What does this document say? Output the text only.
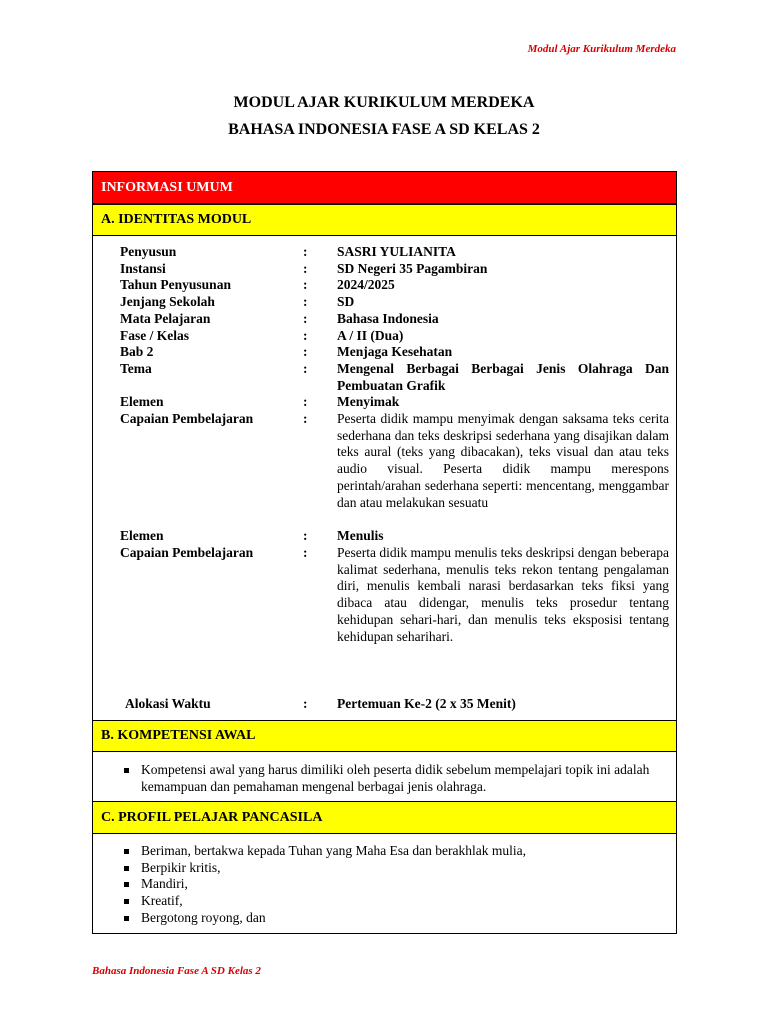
Modul Ajar Kurikulum Merdeka
MODUL AJAR KURIKULUM MERDEKA
BAHASA INDONESIA FASE A SD KELAS 2
INFORMASI UMUM
A. IDENTITAS MODUL
Penyusun	: SASRI YULIANITA
Instansi	: SD Negeri 35 Pagambiran
Tahun Penyusunan	: 2024/2025
Jenjang Sekolah	: SD
Mata Pelajaran	: Bahasa Indonesia
Fase / Kelas	: A / II (Dua)
Bab 2	: Menjaga Kesehatan
Tema	: Mengenal Berbagai Berbagai Jenis Olahraga Dan Pembuatan Grafik
Elemen	: Menyimak
Capaian Pembelajaran	: Peserta didik mampu menyimak dengan saksama teks cerita sederhana dan teks deskripsi sederhana yang disajikan dalam teks aural (teks yang dibacakan), teks visual dan atau teks audio visual. Peserta didik mampu merespons perintah/arahan sederhana seperti: mencentang, menggambar dan atau melakukan sesuatu
Elemen	: Menulis
Capaian Pembelajaran	: Peserta didik mampu menulis teks deskripsi dengan beberapa kalimat sederhana, menulis teks rekon tentang pengalaman diri, menulis kembali narasi berdasarkan teks fiksi yang dibaca atau didengar, menulis teks prosedur tentang kehidupan sehari-hari, dan menulis teks eksposisi tentang kehidupan seharihari.
Alokasi Waktu	: Pertemuan Ke-2 (2 x 35 Menit)
B. KOMPETENSI AWAL
Kompetensi awal yang harus dimiliki oleh peserta didik sebelum mempelajari topik ini adalah kemampuan dan pemahaman mengenal berbagai jenis olahraga.
C. PROFIL PELAJAR PANCASILA
Beriman, bertakwa kepada Tuhan yang Maha Esa dan berakhlak mulia,
Berpikir kritis,
Mandiri,
Kreatif,
Bergotong royong, dan
Bahasa Indonesia Fase A SD Kelas 2
